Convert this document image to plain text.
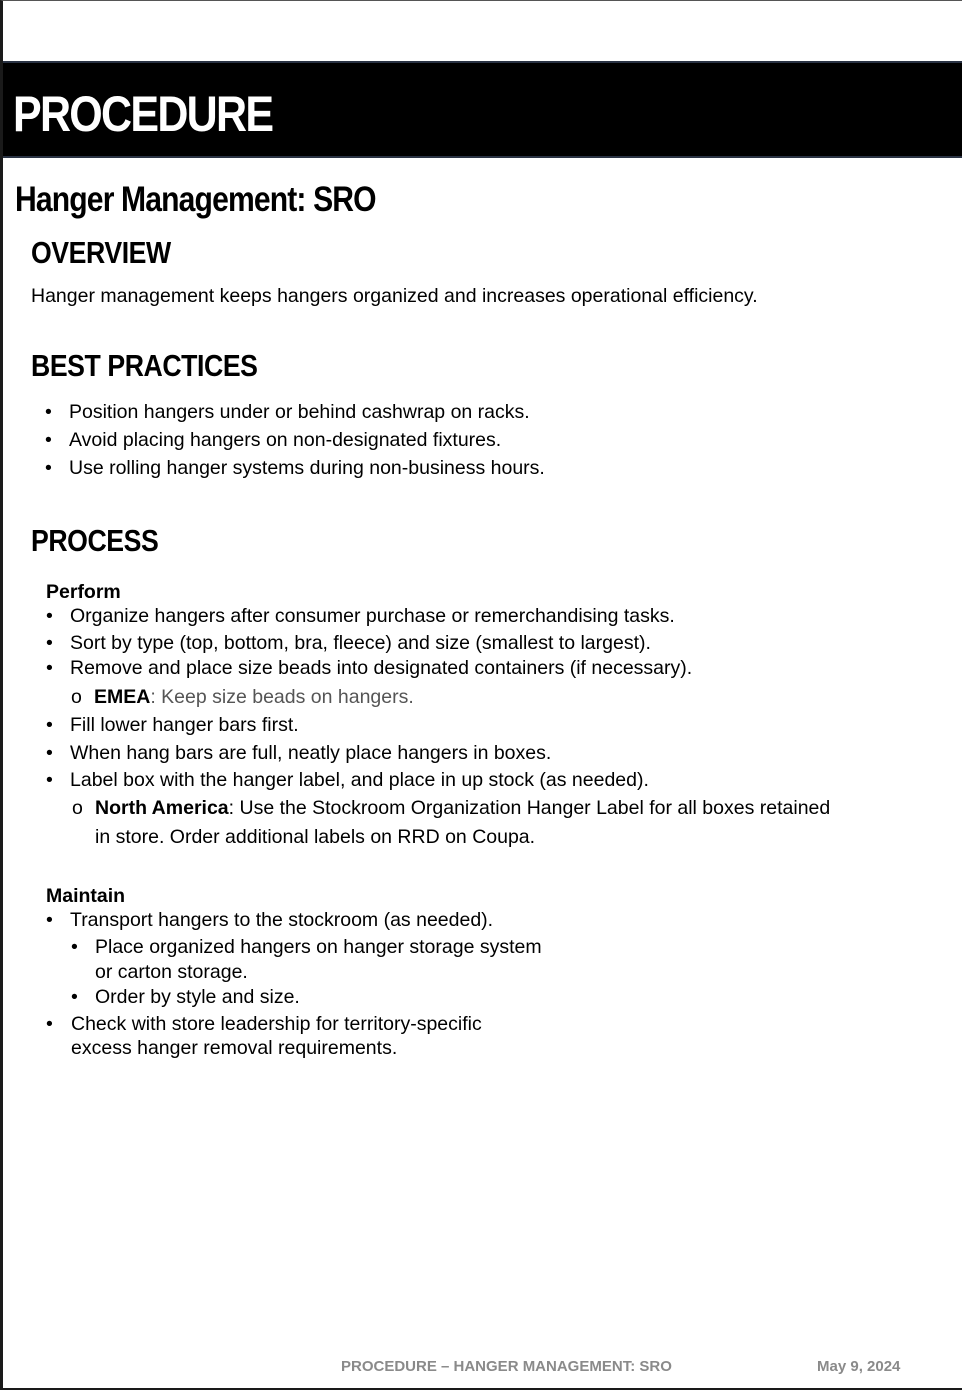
PROCEDURE
Hanger Management: SRO
OVERVIEW
Hanger management keeps hangers organized and increases operational efficiency.
BEST PRACTICES
• Position hangers under or behind cashwrap on racks.
• Avoid placing hangers on non-designated fixtures.
• Use rolling hanger systems during non-business hours.
PROCESS
Perform
• Organize hangers after consumer purchase or remerchandising tasks.
• Sort by type (top, bottom, bra, fleece) and size (smallest to largest).
• Remove and place size beads into designated containers (if necessary).
o EMEA: Keep size beads on hangers.
• Fill lower hanger bars first.
• When hang bars are full, neatly place hangers in boxes.
• Label box with the hanger label, and place in up stock (as needed).
o North America: Use the Stockroom Organization Hanger Label for all boxes retained
in store. Order additional labels on RRD on Coupa.
Maintain
• Transport hangers to the stockroom (as needed).
• Place organized hangers on hanger storage system
or carton storage.
• Order by style and size.
• Check with store leadership for territory-specific
excess hanger removal requirements.
PROCEDURE – HANGER MANAGEMENT: SRO	May 9, 2024
